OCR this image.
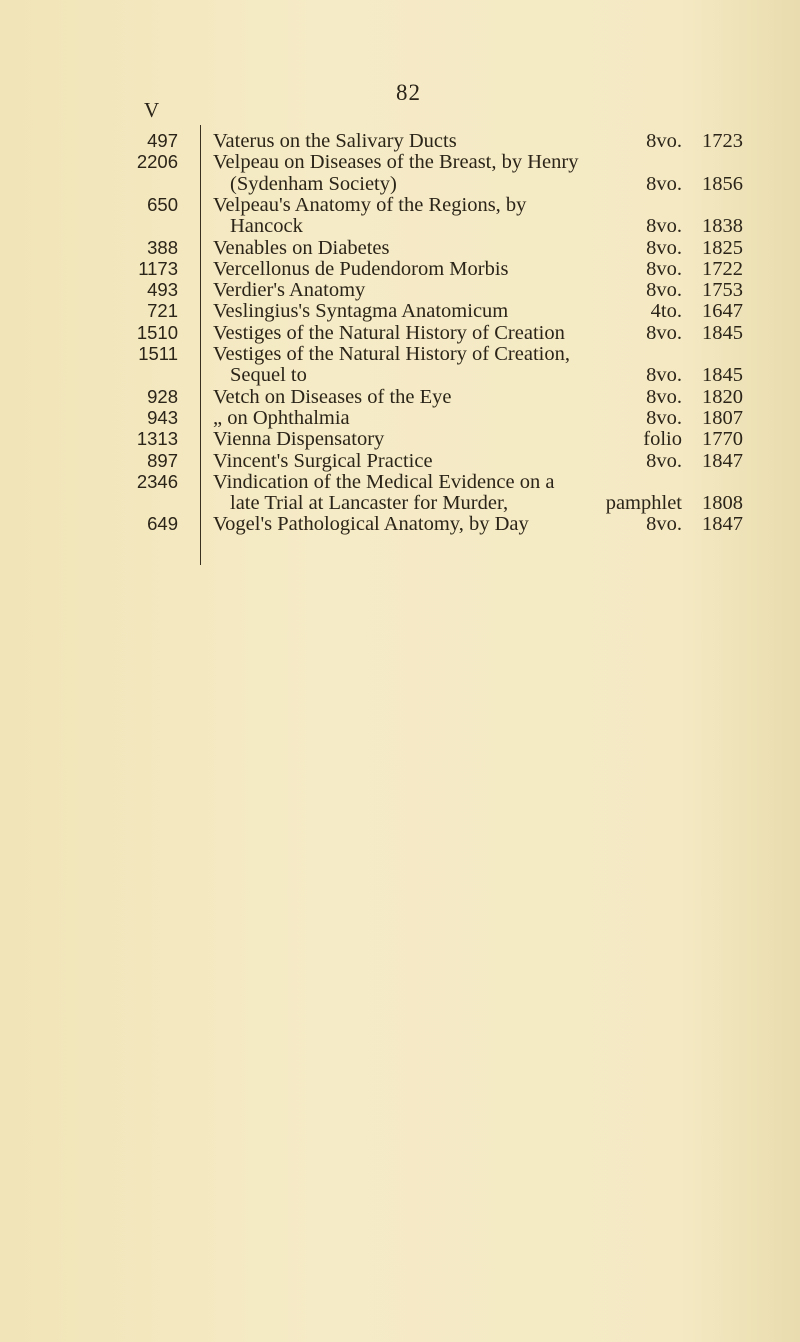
82
V
497 Vaterus on the Salivary Ducts	8vo. 1723
2206 Velpeau on Diseases of the Breast, by Henry
(Sydenham Society)	8vo. 1856
650 Velpeau's Anatomy of the Regions, by
Hancock	8vo. 1838
388 Venables on Diabetes	8vo. 1825
1173 Vercellonus de Pudendorom Morbis	8vo. 1722
493 Verdier's Anatomy	8vo. 1753
721 Veslingius's Syntagma Anatomicum	4to. 1647
1510 Vestiges of the Natural History of Creation	8vo. 1845
1511 Vestiges of the Natural History of Creation,
Sequel to	8vo. 1845
928 Vetch on Diseases of the Eye	8vo. 1820
943 „ on Ophthalmia	8vo. 1807
1313 Vienna Dispensatory	folio 1770
897 Vincent's Surgical Practice	8vo. 1847
2346 Vindication of the Medical Evidence on a
late Trial at Lancaster for Murder,	pamphlet 1808
649 Vogel's Pathological Anatomy, by Day	8vo. 1847
